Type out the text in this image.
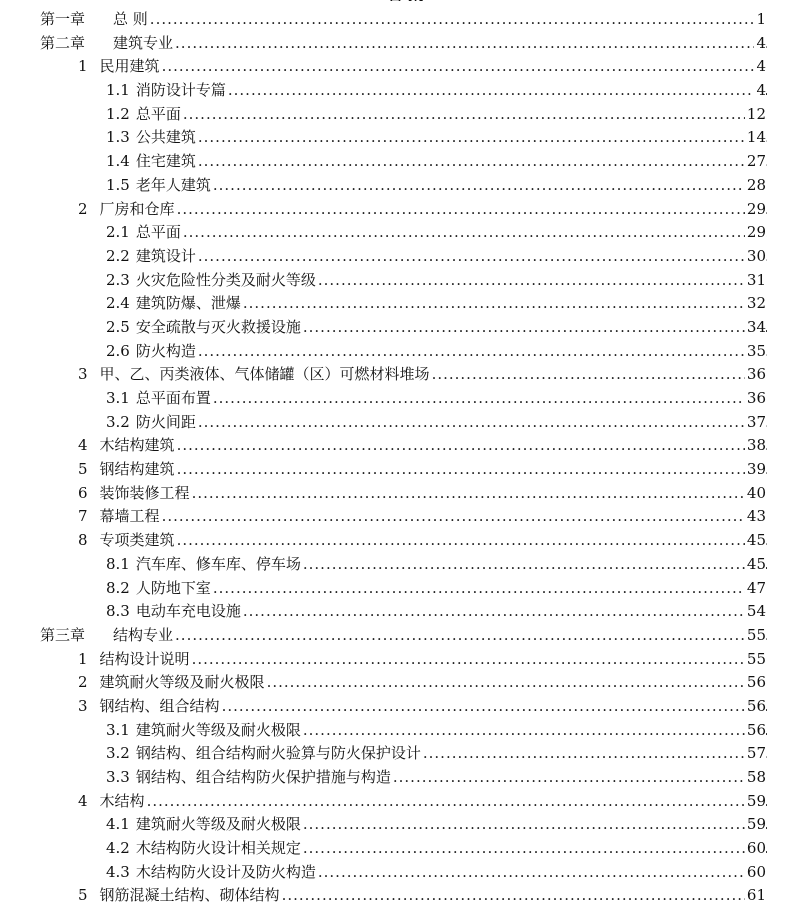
第一章 总 则 .....	1
第二章 建筑专业 .....	4
1 民用建筑 .....	4
1.1 消防设计专篇 .....	4
1.2 总平面 .....	12
1.3 公共建筑 .....	14
1.4 住宅建筑 .....	27
1.5 老年人建筑 .....	28
2 厂房和仓库 .....	29
2.1 总平面 .....	29
2.2 建筑设计 .....	30
2.3 火灾危险性分类及耐火等级 .....	31
2.4 建筑防爆、泄爆 .....	32
2.5 安全疏散与灭火救援设施 .....	34
2.6 防火构造 .....	35
3 甲、乙、丙类液体、气体储罐（区）可燃材料堆场 .....	36
3.1 总平面布置 .....	36
3.2 防火间距 .....	37
4 木结构建筑 .....	38
5 钢结构建筑 .....	39
6 装饰装修工程 .....	40
7 幕墙工程 .....	43
8 专项类建筑 .....	45
8.1 汽车库、修车库、停车场 .....	45
8.2 人防地下室 .....	47
8.3 电动车充电设施 .....	54
第三章 结构专业 .....	55
1 结构设计说明 .....	55
2 建筑耐火等级及耐火极限 .....	56
3 钢结构、组合结构 .....	56
3.1 建筑耐火等级及耐火极限 .....	56
3.2 钢结构、组合结构耐火验算与防火保护设计 .....	57
3.3 钢结构、组合结构防火保护措施与构造 .....	58
4 木结构 .....	59
4.1 建筑耐火等级及耐火极限 .....	59
4.2 木结构防火设计相关规定 .....	60
4.3 木结构防火设计及防火构造 .....	60
5 钢筋混凝土结构、砌体结构 .....	61
